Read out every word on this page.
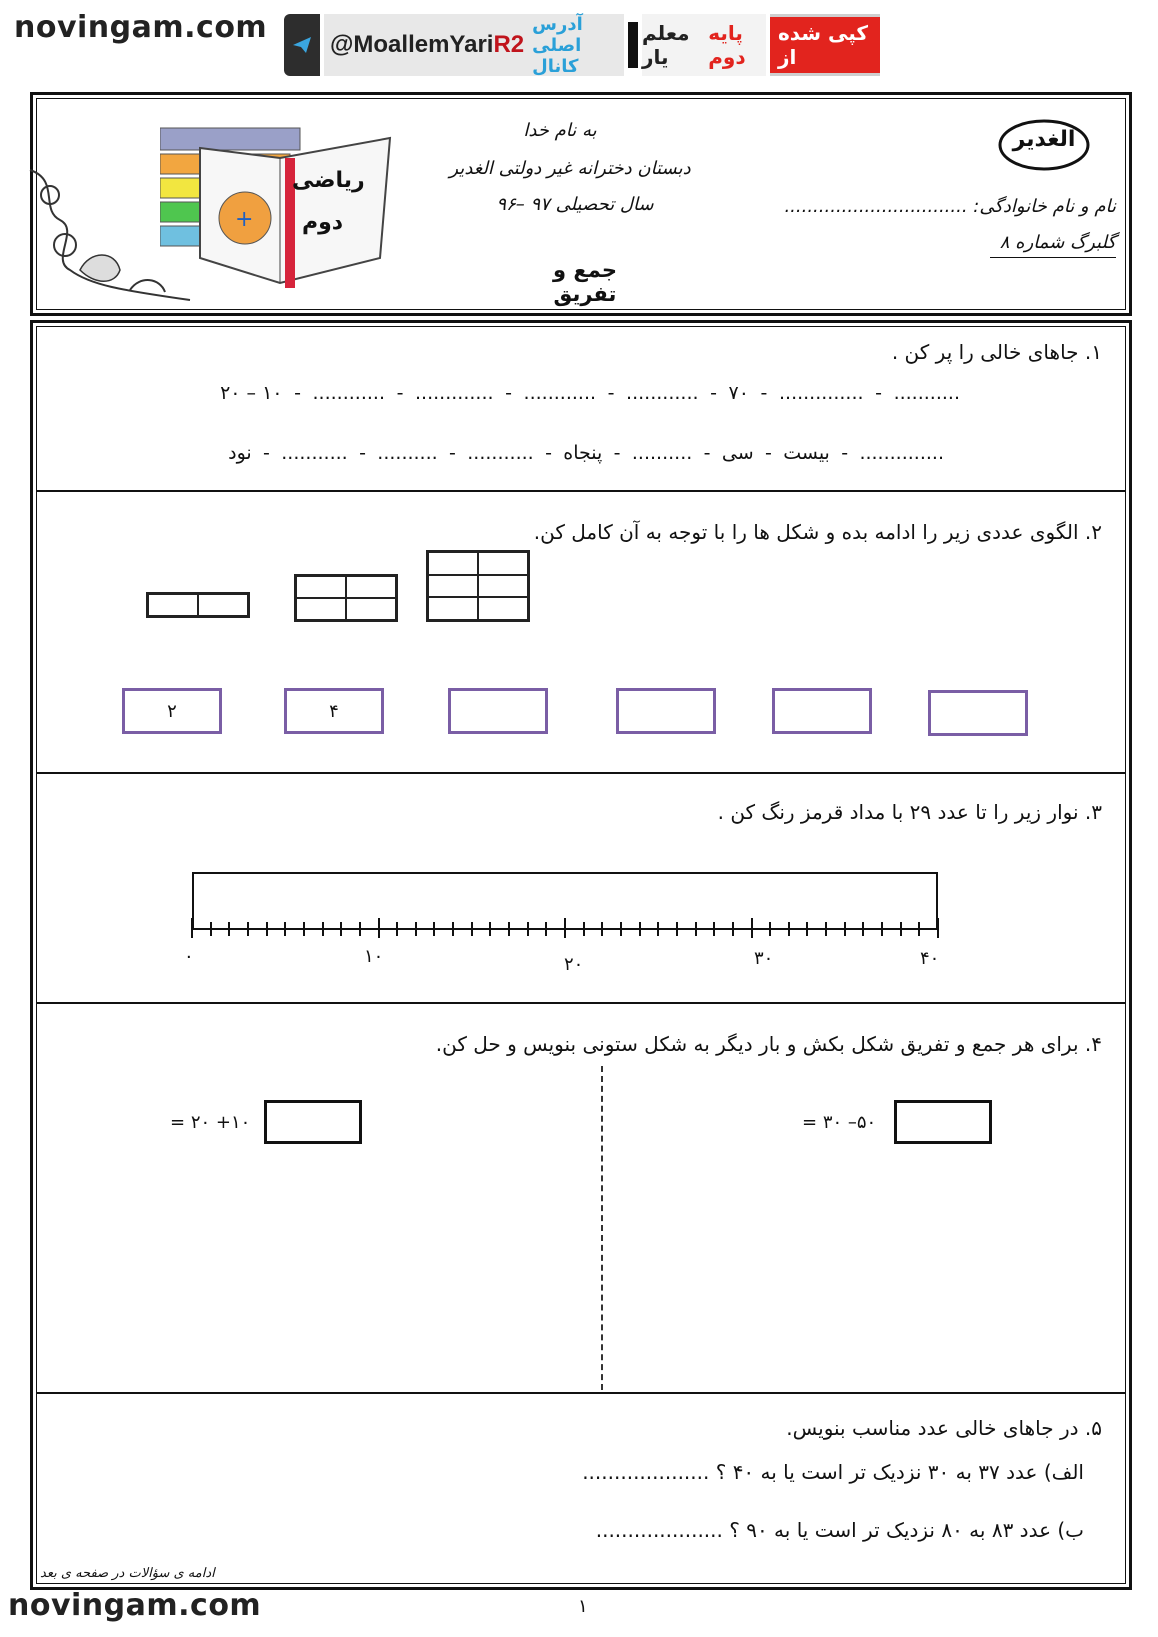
novingam.com
novingam.com
@MoallemYariR2
آدرس اصلی کانال
معلم یار

پایه دوم
کپی شده از
+
ریاضی
دوم
به نام خدا
دبستان دخترانه غیر دولتی الغدیر
سال تحصیلی ۹۷ –۹۶
جمع و تفریق
الغدیر
نام و نام خانوادگی: ................................
گلبرگ شماره ۸
۱. جاهای خالی را پر کن .
...........
-
..............
-
۷۰
-
............
-
............
-
.............
-
............
-
۱۰ – ۲۰
..............
-
بیست
-
سی
-
..........
-
پنجاه
-
...........
-
..........
-
...........
-
نود
۲. الگوی عددی زیر را ادامه بده و شکل ها را با توجه به آن کامل کن.
۲	۴
۳. نوار زیر را تا عدد ۲۹ با مداد قرمز رنگ کن .
۰	۱۰	۲۰	۳۰	۴۰
۴. برای هر جمع و تفریق شکل بکش و بار دیگر به شکل ستونی بنویس و حل کن.
۱۰+ ۲۰ =	۵۰– ۳۰ =
۵. در جاهای خالی عدد مناسب بنویس.
الف) عدد ۳۷ به ۳۰ نزدیک تر است یا به ۴۰ ؟ ....................
ب) عدد ۸۳ به ۸۰ نزدیک تر است یا به ۹۰ ؟ ....................
ادامه ی سؤالات در صفحه ی بعد
۱
